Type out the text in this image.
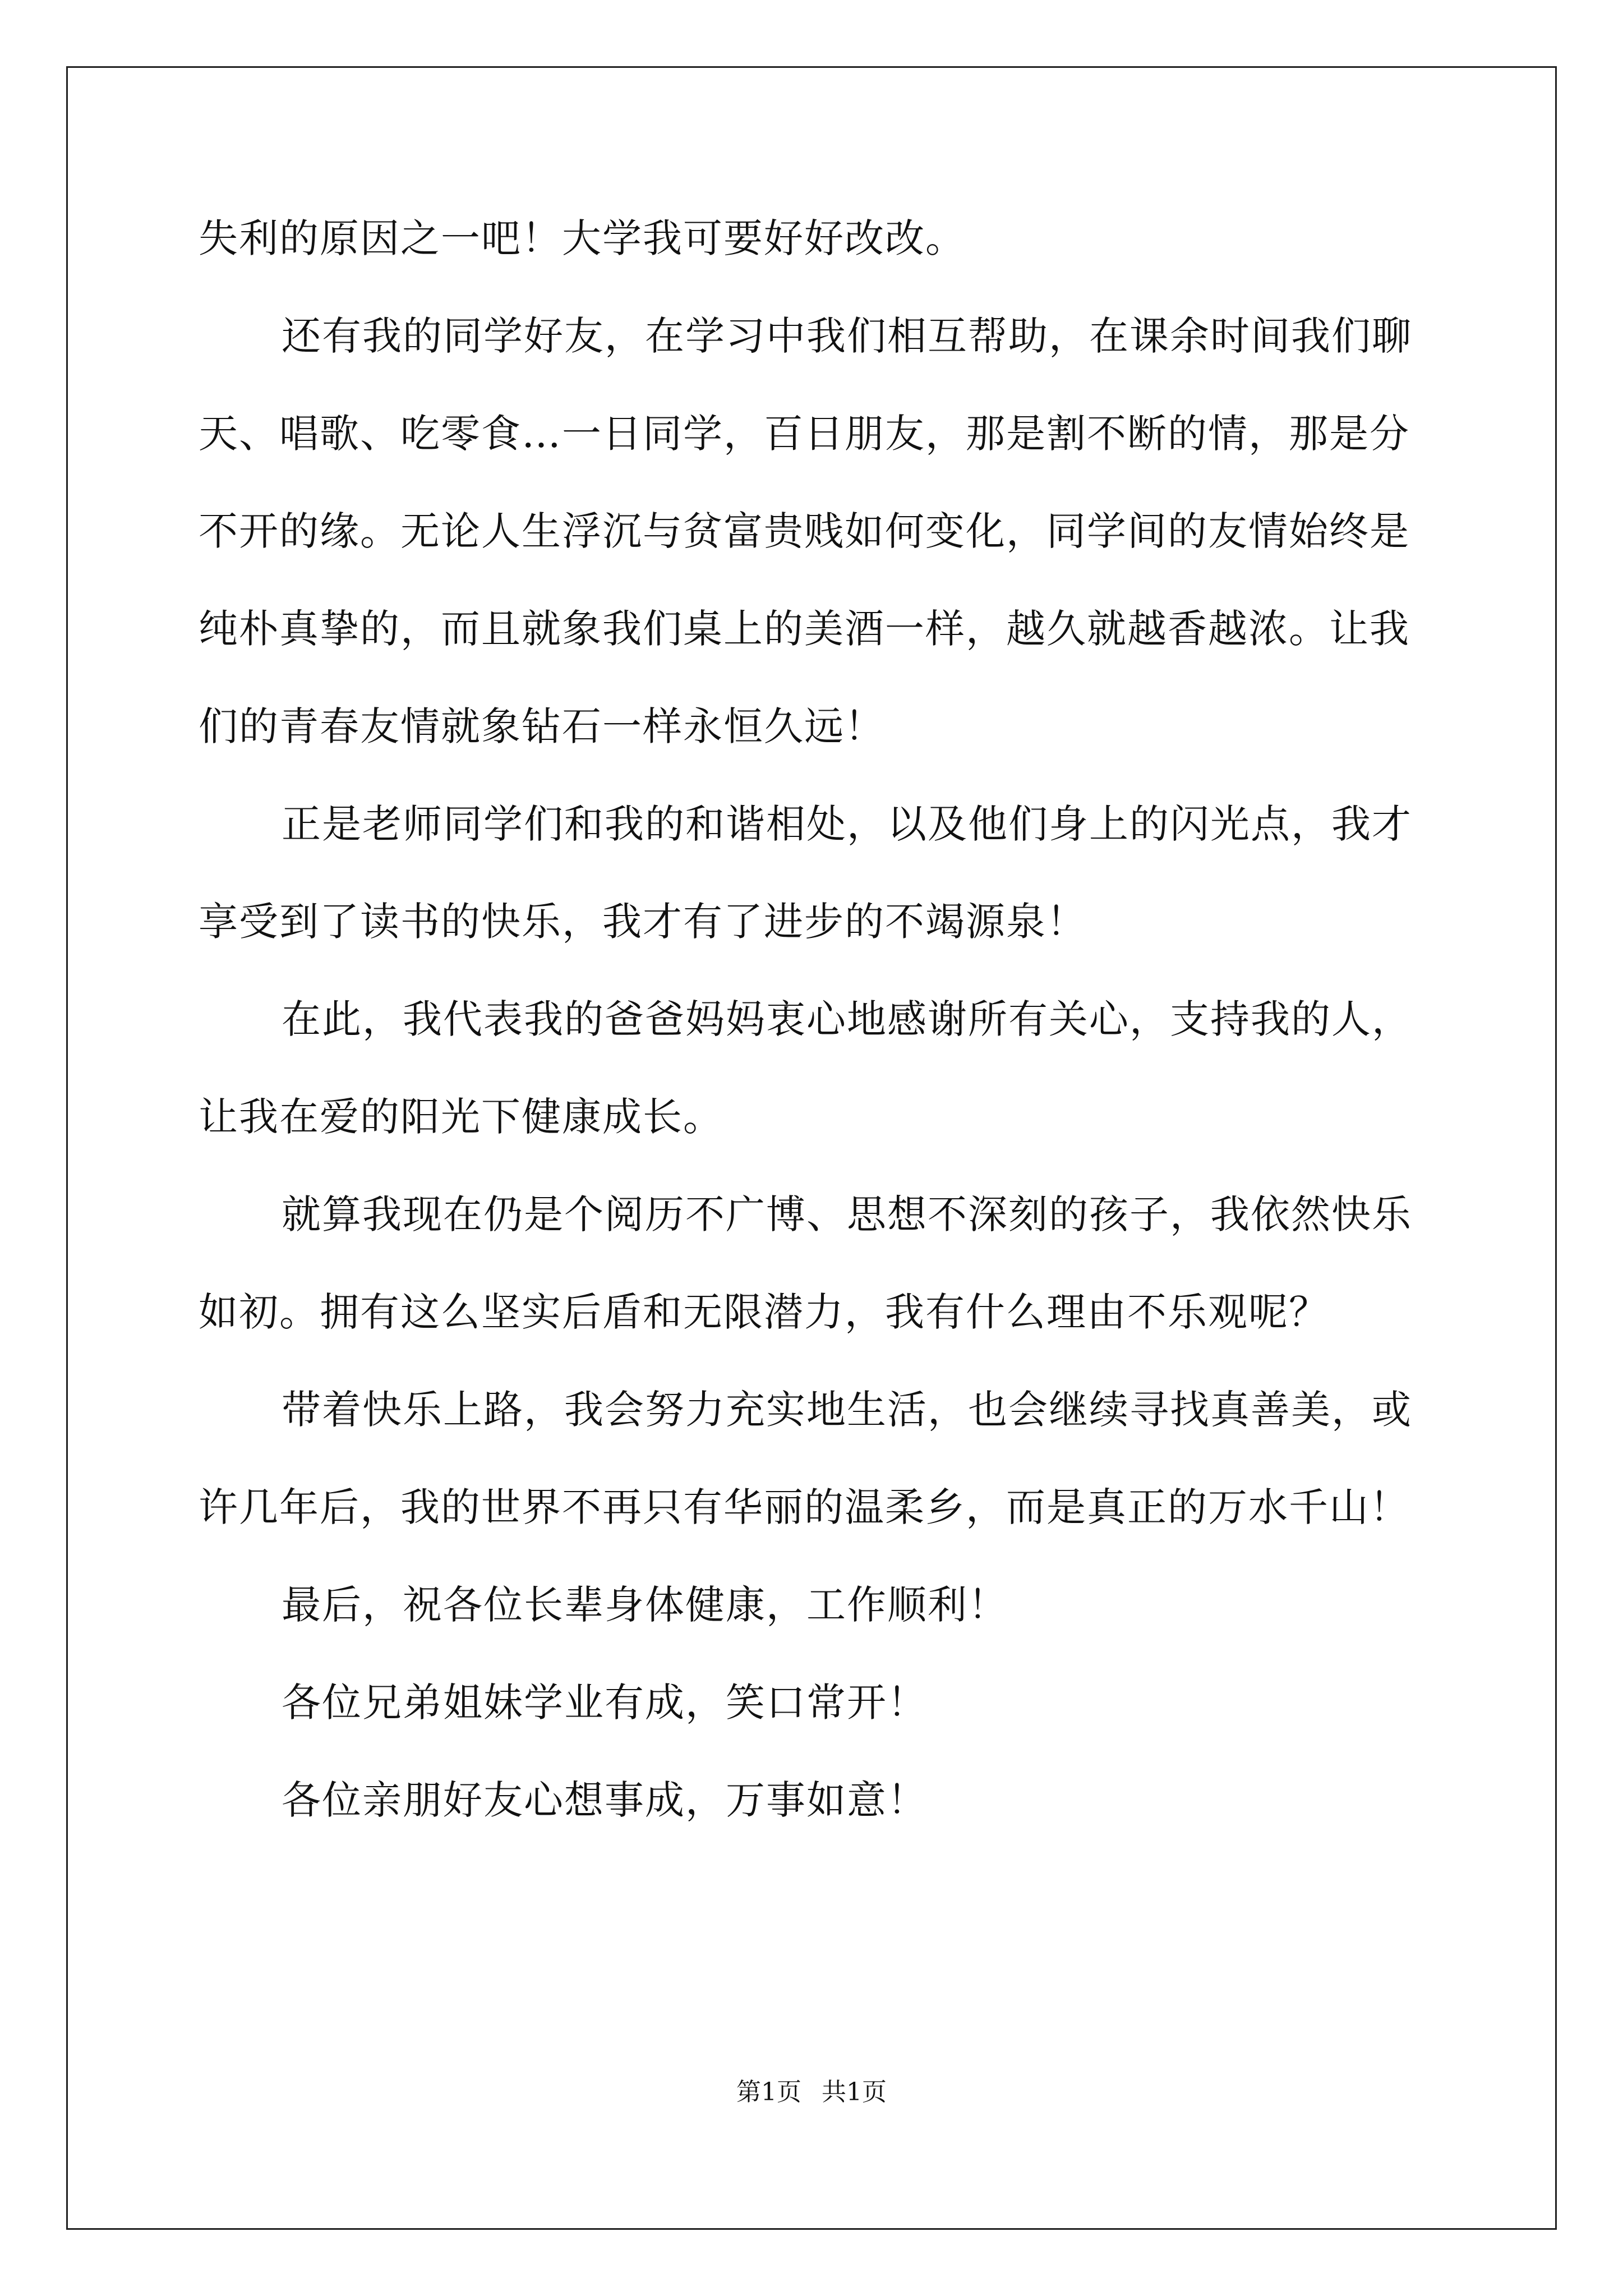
失利的原因之一吧！大学我可要好好改改。
还有我的同学好友，在学习中我们相互帮助，在课余时间我们聊
天、唱歌、吃零食…一日同学，百日朋友，那是割不断的情，那是分
不开的缘。无论人生浮沉与贫富贵贱如何变化，同学间的友情始终是
纯朴真挚的，而且就象我们桌上的美酒一样，越久就越香越浓。让我
们的青春友情就象钻石一样永恒久远！
正是老师同学们和我的和谐相处，以及他们身上的闪光点，我才
享受到了读书的快乐，我才有了进步的不竭源泉！
在此，我代表我的爸爸妈妈衷心地感谢所有关心，支持我的人，
让我在爱的阳光下健康成长。
就算我现在仍是个阅历不广博、思想不深刻的孩子，我依然快乐
如初。拥有这么坚实后盾和无限潜力，我有什么理由不乐观呢？
带着快乐上路，我会努力充实地生活，也会继续寻找真善美，或
许几年后，我的世界不再只有华丽的温柔乡，而是真正的万水千山！
最后，祝各位长辈身体健康，工作顺利！
各位兄弟姐妹学业有成，笑口常开！
各位亲朋好友心想事成，万事如意！
第1页 共1页
